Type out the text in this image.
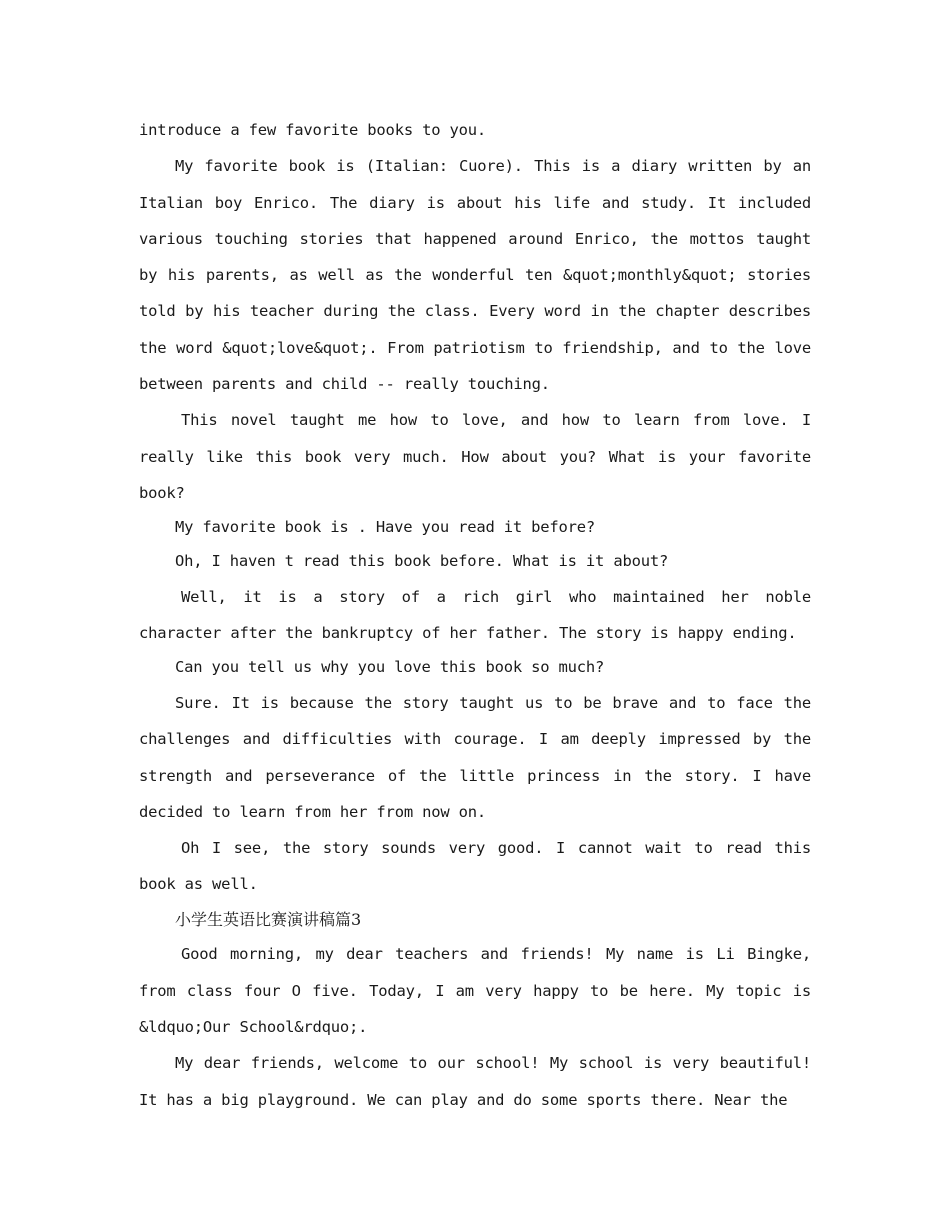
introduce a few favorite books to you.

My favorite book is (Italian: Cuore). This is a diary written by an Italian boy Enrico. The diary is about his life and study. It included various touching stories that happened around Enrico, the mottos taught by his parents, as well as the wonderful ten &quot;monthly&quot; stories told by his teacher during the class. Every word in the chapter describes the word &quot;love&quot;. From patriotism to friendship, and to the love between parents and child -- really touching.

This novel taught me how to love, and how to learn from love. I really like this book very much. How about you? What is your favorite book?

My favorite book is . Have you read it before?

Oh, I haven t read this book before. What is it about?

Well, it is a story of a rich girl who maintained her noble character after the bankruptcy of her father. The story is happy ending.

Can you tell us why you love this book so much?

Sure. It is because the story taught us to be brave and to face the challenges and difficulties with courage. I am deeply impressed by the strength and perseverance of the little princess in the story. I have decided to learn from her from now on.

Oh I see, the story sounds very good. I cannot wait to read this book as well.

小学生英语比赛演讲稿篇3

Good morning, my dear teachers and friends! My name is Li Bingke, from class four O five. Today, I am very happy to be here. My topic is &ldquo;Our School&rdquo;.

My dear friends, welcome to our school! My school is very beautiful! It has a big playground. We can play and do some sports there. Near the
